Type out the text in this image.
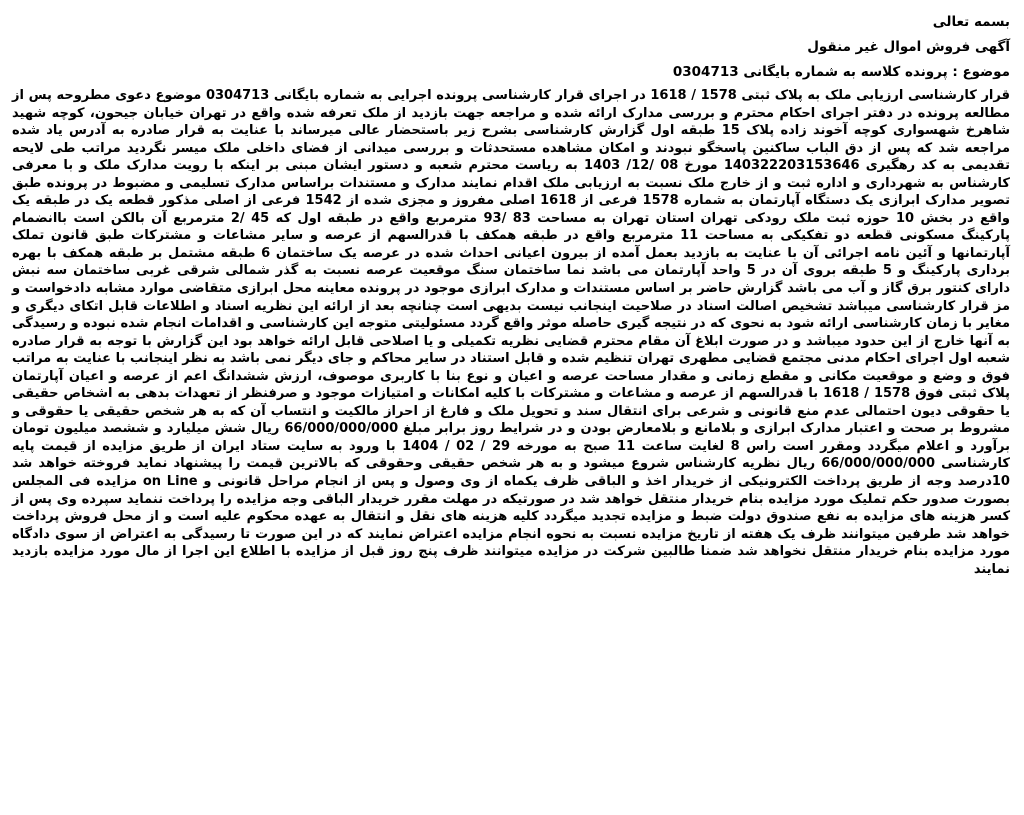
بسمه تعالی
آگهی فروش اموال غیر منقول
موضوع : پرونده کلاسه به شماره بایگانی 0304713

قرار کارشناسی ارزیابی ملک به پلاک ثبتی 1578 / 1618 در اجرای قرار کارشناسی پرونده اجرایی به شماره بایگانی 0304713 موضوع دعوی مطروحه پس از مطالعه پرونده در دفتر اجرای احکام محترم و بررسی مدارک ارائه شده و مراجعه جهت بازدید از ملک تعرفه شده واقع در تهران خیابان جیحون، کوچه شهید شاهرخ شهسواری کوچه آخوند زاده پلاک 15 طبقه اول گزارش کارشناسی بشرح زیر باستحضار عالی میرساند با عنایت به قرار صادره به آدرس یاد شده مراجعه شد که پس از دق الباب ساکنین پاسخگو نبودند و امکان مشاهده مستحدثات و بررسی میدانی از فضای داخلی ملک میسر نگردید مراتب طی لایحه تقدیمی به کد رهگیری 14032220315364‎6 مورخ 08 /12/ 1403 به ریاست محترم شعبه و دستور ایشان مبنی بر اینکه با رویت مدارک ملک و با معرفی کارشناس به شهرداری و اداره ثبت و از خارج ملک نسبت به ارزیابی ملک اقدام نمایند مدارک و مستندات براساس مدارک تسلیمی و مضبوط در پرونده طبق تصویر مدارک ابرازی یک دستگاه آپارتمان به شماره 1578 فرعی از 1618 اصلی مفروز و مجزی شده از 1542 فرعی از اصلی مذکور قطعه یک در طبقه یک واقع در بخش 10 حوزه ثبت ملک رودکی تهران استان تهران به مساحت 83 /93 مترمربع واقع در طبقه اول که 45 /2 مترمربع آن بالکن است باانضمام پارکینگ مسکونی قطعه دو تفکیکی به مساحت 11 مترمربع واقع در طبقه همکف با قدرالسهم از عرصه و سایر مشاعات و مشترکات طبق قانون تملک آپارتمانها و آئین نامه اجرائی آن با عنایت به بازدید بعمل آمده از بیرون اعیانی احداث شده در عرصه یک ساختمان 6 طبقه مشتمل بر طبقه همکف با بهره برداری پارکینگ و 5 طبقه بروی آن در 5 واحد آپارتمان می باشد نما ساختمان سنگ موقعیت عرصه نسبت به گذر شمالی شرقی غربی ساختمان سه نبش دارای کنتور برق گاز و آب می باشد گزارش حاضر بر اساس مستندات و مدارک ابرازی موجود در پرونده معاینه محل ابرازی متقاضی موارد مشابه دادخواست و مز قرار کارشناسی میباشد تشخیص اصالت اسناد در صلاحیت اینجانب نیست بدیهی است چنانچه بعد از ارائه این نظریه اسناد و اطلاعات قابل اتکای دیگری و مغایر با زمان کارشناسی ارائه شود به نحوی که در نتیجه گیری حاصله موثر واقع گردد مسئولیتی متوجه این کارشناسی و اقدامات انجام شده نبوده و رسیدگی به آنها خارج از این حدود میباشد و در صورت ابلاغ آن مقام محترم قضایی نظریه تکمیلی و یا اصلاحی قابل ارائه خواهد بود این گزارش با توجه به قرار صادره شعبه اول اجرای احکام مدنی مجتمع قضایی مطهری تهران تنظیم شده و قابل استناد در سایر محاکم و جای دیگر نمی باشد به نظر اینجانب با عنایت به مراتب فوق و وضع و موقعیت مکانی و مقطع زمانی و مقدار مساحت عرصه و اعیان و نوع بنا با کاربری موصوف، ارزش ششدانگ اعم از عرصه و اعیان آپارتمان پلاک ثبتی فوق 1578 / 1618 با قدرالسهم از عرصه و مشاعات و مشترکات با کلیه امکانات و امتیازات موجود و صرفنظر از تعهدات بدهی به اشخاص حقیقی یا حقوقی دیون احتمالی عدم منع قانونی و شرعی برای انتقال سند و تحویل ملک و فارغ از احراز مالکیت و انتساب آن که به هر شخص حقیقی یا حقوقی و مشروط بر صحت و اعتبار مدارک ابرازی و بلامانع و بلامعارض بودن و در شرایط روز برابر مبلغ 66/000/000/000 ریال شش میلیارد و ششصد میلیون تومان برآورد و اعلام میگردد ومقرر است راس 8 لغایت ساعت 11 صبح به مورخه 29 / 02 / 1404 با ورود به سایت ستاد ایران از طریق مزایده از قیمت پایه کارشناسی 66/000/000/000 ریال نظریه کارشناس شروع میشود و به هر شخص حقیقی وحقوقی که بالاترین قیمت را پیشنهاد نماید فروخته خواهد شد 10درصد وجه از طریق پرداخت الکترونیکی از خریدار اخذ و الباقی ظرف یکماه از وی وصول و پس از انجام مراحل قانونی و on Line مزایده فی المجلس بصورت صدور حکم تملیک مورد مزایده بنام خریدار منتقل خواهد شد در صورتیکه در مهلت مقرر خریدار الباقی وجه مزایده را پرداخت ننماید سپرده وی پس از کسر هزینه های مزایده به نفع صندوق دولت ضبط و مزایده تجدید میگردد کلیه هزینه های نقل و انتقال به عهده محکوم علیه است و از محل فروش پرداخت خواهد شد طرفین میتوانند ظرف یک هفته از تاریخ مزایده نسبت به نحوه انجام مزایده اعتراض نمایند که در این صورت تا رسیدگی به اعتراض از سوی دادگاه مورد مزایده بنام خریدار منتقل نخواهد شد ضمنا طالبین شرکت در مزایده میتوانند ظرف پنج روز قبل از مزایده با اطلاع این اجرا از مال مورد مزایده بازدید نمایند
